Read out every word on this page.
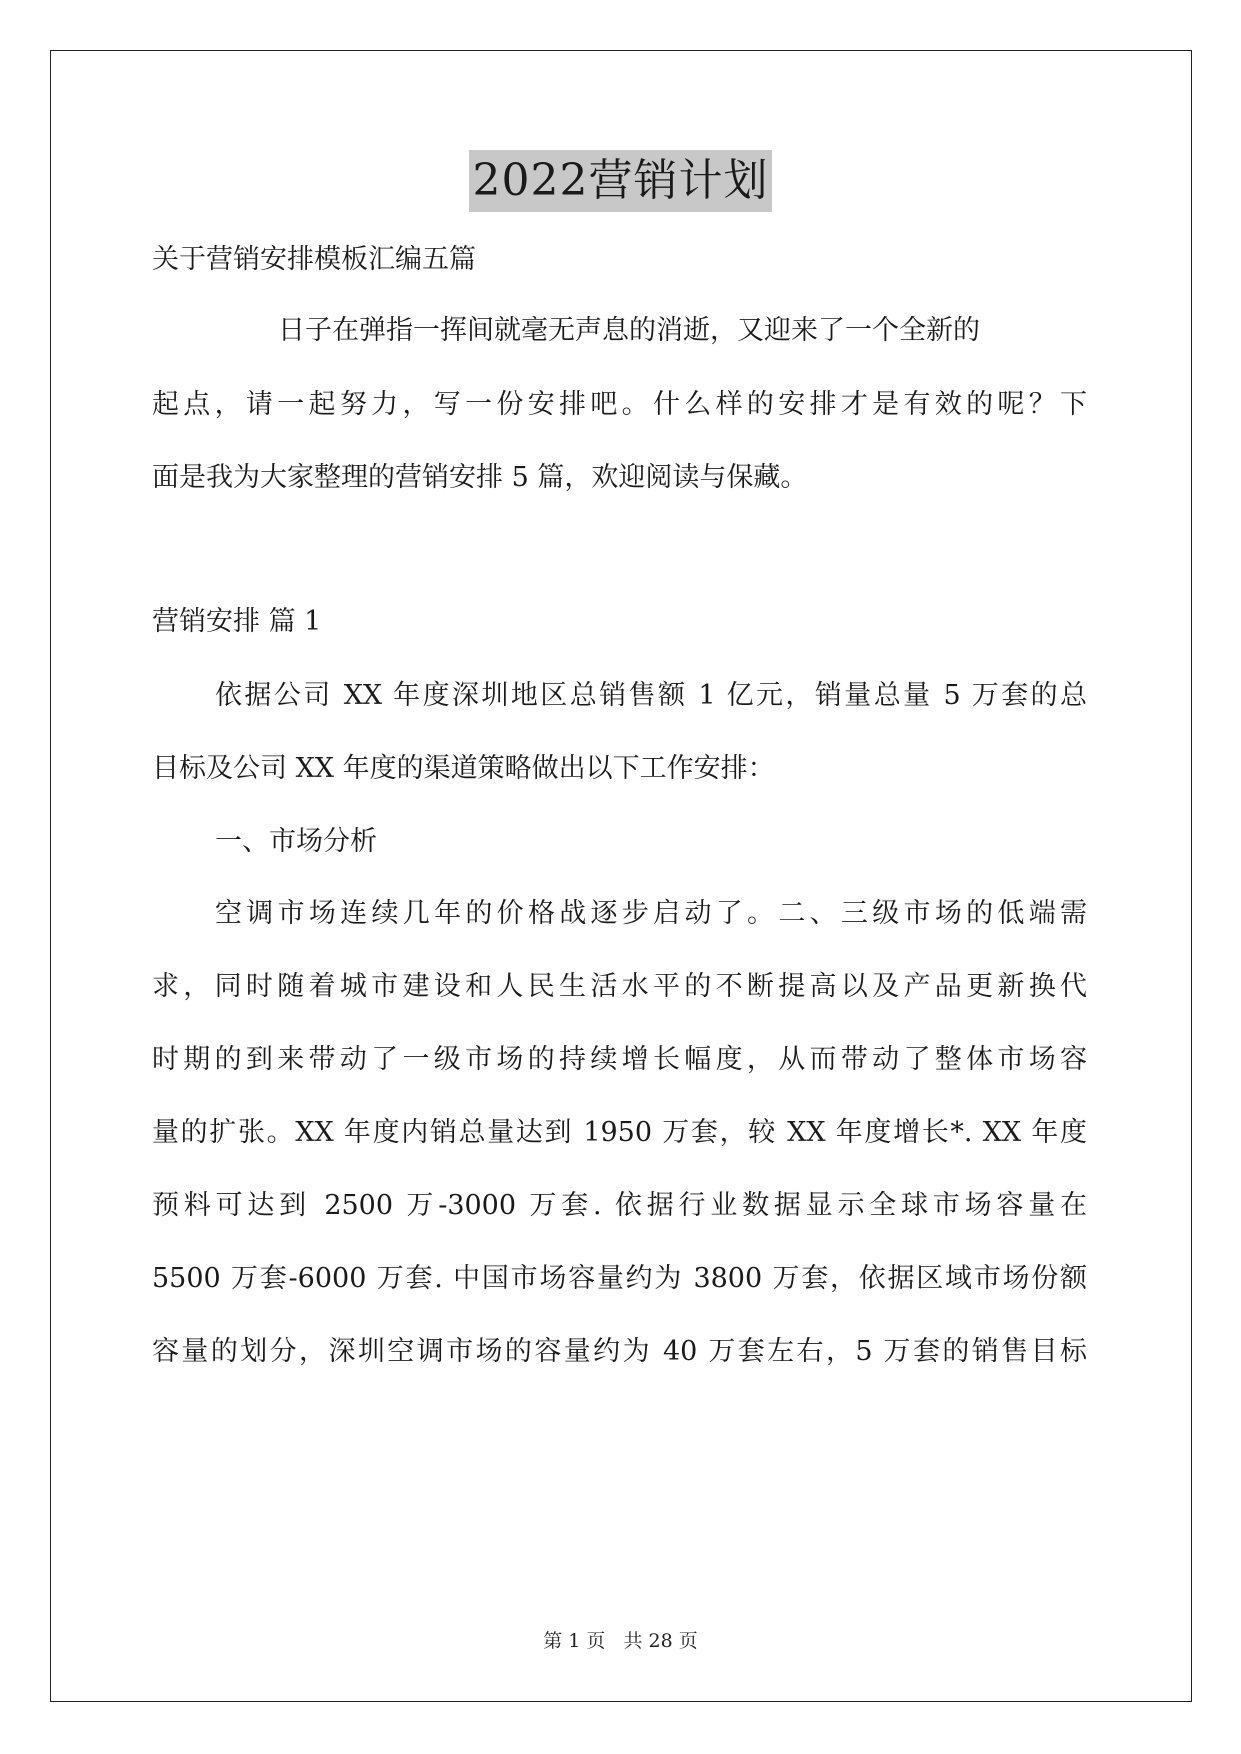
2022营销计划
关于营销安排模板汇编五篇
日子在弹指一挥间就毫无声息的消逝，又迎来了一个全新的
起点，请一起努力，写一份安排吧。什么样的安排才是有效的呢？下
面是我为大家整理的营销安排 5 篇，欢迎阅读与保藏。
营销安排 篇 1
依据公司 XX 年度深圳地区总销售额 1 亿元，销量总量 5 万套的总
目标及公司 XX 年度的渠道策略做出以下工作安排：
一、市场分析
空调市场连续几年的价格战逐步启动了。二、三级市场的低端需
求，同时随着城市建设和人民生活水平的不断提高以及产品更新换代
时期的到来带动了一级市场的持续增长幅度，从而带动了整体市场容
量的扩张。XX 年度内销总量达到 1950 万套，较 XX 年度增长*. XX 年度
预料可达到 2500 万-3000 万套. 依据行业数据显示全球市场容量在
5500 万套-6000 万套. 中国市场容量约为 3800 万套，依据区域市场份额
容量的划分，深圳空调市场的容量约为 40 万套左右，5 万套的销售目标
第 1 页 共 28 页
